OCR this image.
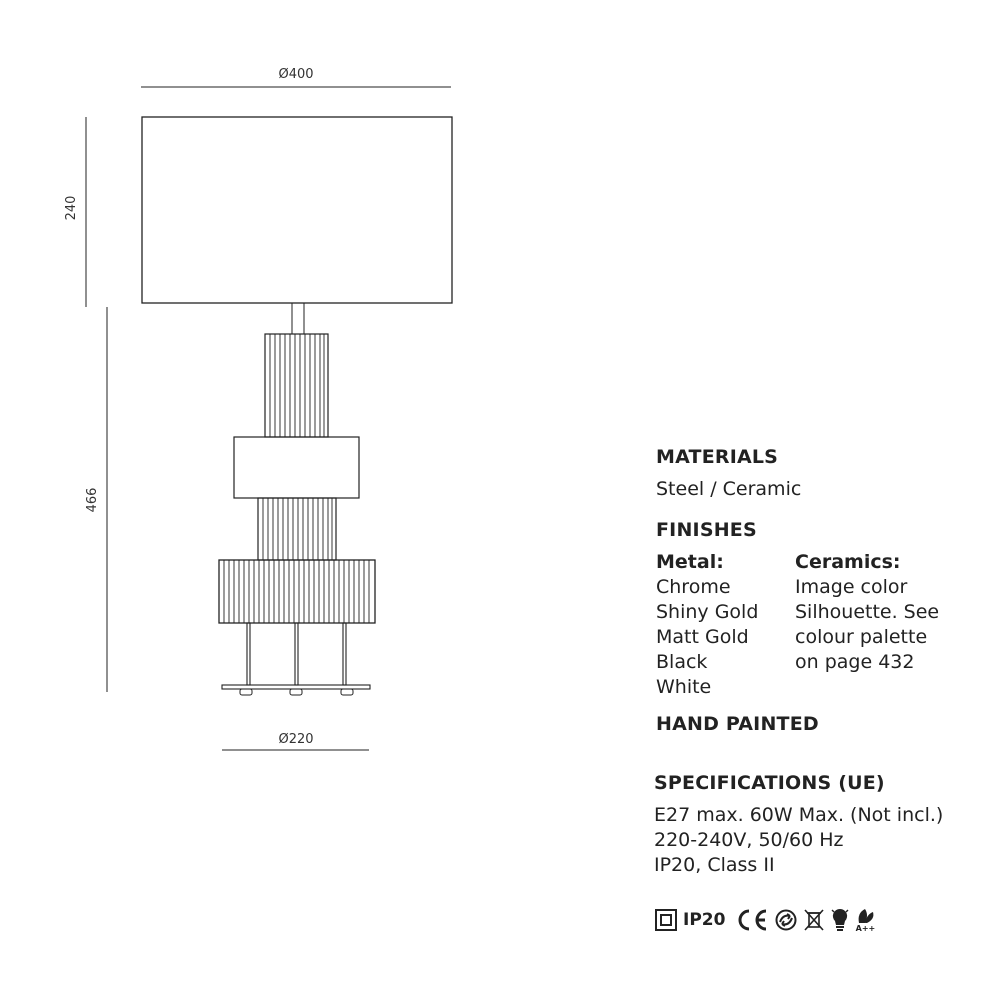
Ø400
240
466
Ø220
MATERIALS
Steel / Ceramic
FINISHES
Metal:
Chrome
Shiny Gold
Matt Gold
Black
White
Ceramics:
Image color
Silhouette. See
colour palette
on page 432
HAND PAINTED
SPECIFICATIONS (UE)
E27 max. 60W Max. (Not incl.)
220-240V, 50/60 Hz
IP20, Class II
IP20	A++
